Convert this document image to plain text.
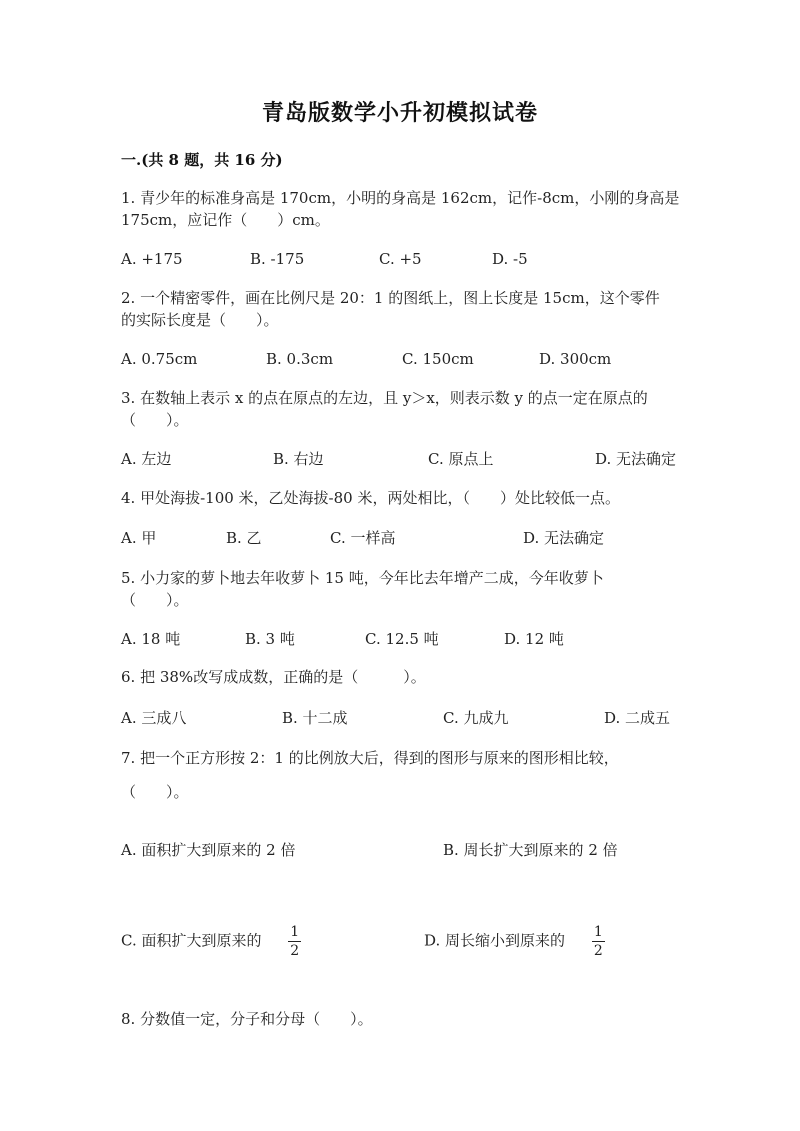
青岛版数学小升初模拟试卷
一.(共 8 题，共 16 分)
1. 青少年的标准身高是 170cm，小明的身高是 162cm，记作-8cm，小刚的身高是
175cm，应记作（　　）cm。
A. +175	B. -175	C. +5	D. -5
2. 一个精密零件，画在比例尺是 20：1 的图纸上，图上长度是 15cm，这个零件
的实际长度是（　　）。
A. 0.75cm	B. 0.3cm	C. 150cm	D. 300cm
3. 在数轴上表示 x 的点在原点的左边，且 y＞x，则表示数 y 的点一定在原点的
（　　）。
A. 左边	B. 右边	C. 原点上	D. 无法确定
4. 甲处海拔-100 米，乙处海拔-80 米，两处相比，（　　）处比较低一点。
A. 甲	B. 乙	C. 一样高	D. 无法确定
5. 小力家的萝卜地去年收萝卜 15 吨，今年比去年增产二成，今年收萝卜
（　　）。
A. 18 吨	B. 3 吨	C. 12.5 吨	D. 12 吨
6. 把 38%改写成成数，正确的是（　　　）。
A. 三成八	B. 十二成	C. 九成九	D. 二成五
7. 把一个正方形按 2：1 的比例放大后，得到的图形与原来的图形相比较，
（　　）。
A. 面积扩大到原来的 2 倍	B. 周长扩大到原来的 2 倍
C. 面积扩大到原来的 $\frac{1}{2}$	D. 周长缩小到原来的 $\frac{1}{2}$
8. 分数值一定，分子和分母（　　）。
